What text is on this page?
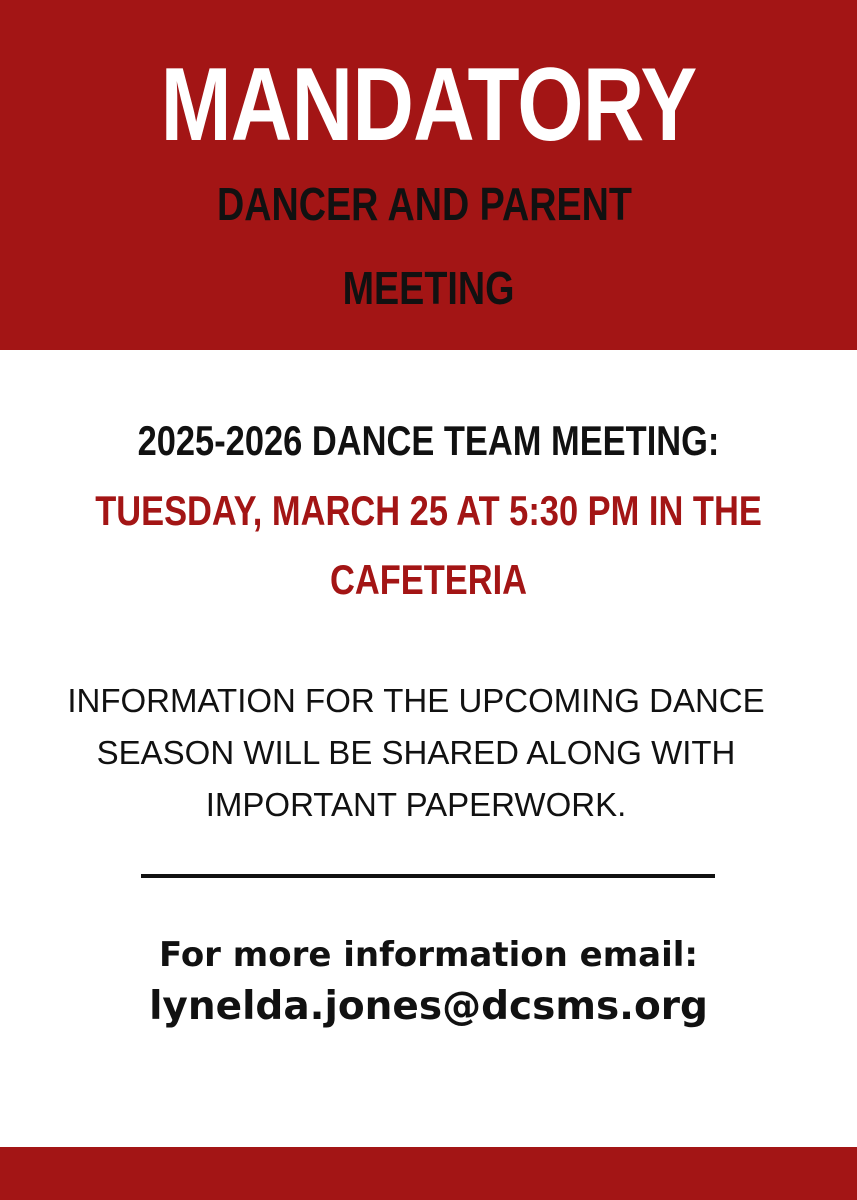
MANDATORY
DANCER AND PARENT
MEETING
2025-2026 DANCE TEAM MEETING:
TUESDAY, MARCH 25 AT 5:30 PM IN THE
CAFETERIA
INFORMATION FOR THE UPCOMING DANCE
SEASON WILL BE SHARED ALONG WITH
IMPORTANT PAPERWORK.

For more information email:

lynelda.jones@dcsms.org
